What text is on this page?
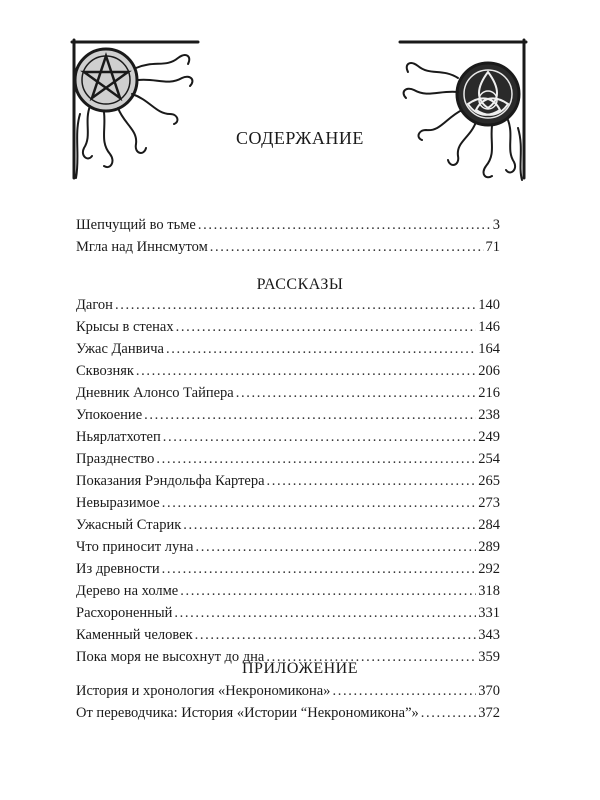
СОДЕРЖАНИЕ
Шепчущий во тьме . . .	3
Мгла над Иннсмутом . . .	71
РАССКАЗЫ
Дагон . . .	140
Крысы в стенах . . .	146
Ужас Данвича . . .	164
Сквозняк . . .	206
Дневник Алонсо Тайпера . . .	216
Упокоение . . .	238
Ньярлатхотеп . . .	249
Празднество . . .	254
Показания Рэндольфа Картера . . .	265
Невыразимое . . .	273
Ужасный Старик . . .	284
Что приносит луна . . .	289
Из древности . . .	292
Дерево на холме . . .	318
Расхороненный . . .	331
Каменный человек . . .	343
Пока моря не высохнут до дна . . .	359
ПРИЛОЖЕНИЕ
История и хронология «Некрономикона» . . .	370
От переводчика: История «Истории “Некрономикона”» . . .	372
